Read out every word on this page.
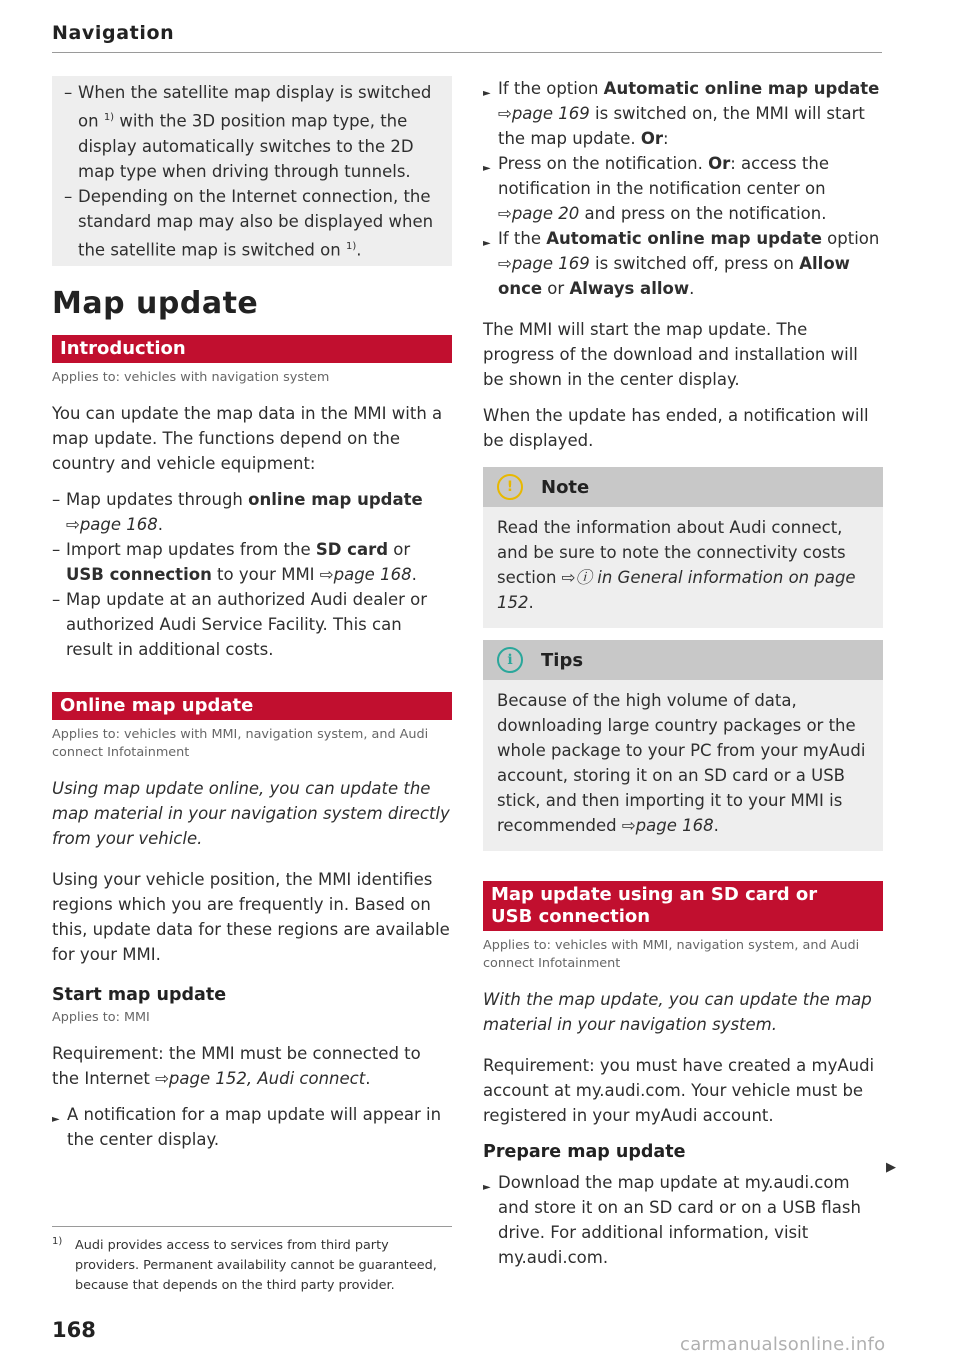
Navigation

– When the satellite map display is switched on $^{1)}$ with the 3D position map type, the display automatically switches to the 2D map type when driving through tunnels.

– Depending on the Internet connection, the standard map may also be displayed when the satellite map is switched on $^{1)}$.

Map update
Introduction
Applies to: vehicles with navigation system

You can update the map data in the MMI with a map update. The functions depend on the country and vehicle equipment:

– Map updates through online map update ⇨page 168.

– Import map updates from the SD card or USB connection to your MMI ⇨page 168.

– Map update at an authorized Audi dealer or authorized Audi Service Facility. This can result in additional costs.

Online map update
Applies to: vehicles with MMI, navigation system, and Audi connect Infotainment

Using map update online, you can update the map material in your navigation system directly from your vehicle.

Using your vehicle position, the MMI identifies regions which you are frequently in. Based on this, update data for these regions are available for your MMI.

Start map update
Applies to: MMI

Requirement: the MMI must be connected to the Internet ⇨page 152, Audi connect.

► A notification for a map update will appear in the center display.

► If the option Automatic online map update ⇨page 169 is switched on, the MMI will start the map update. Or:

► Press on the notification. Or: access the notification in the notification center on ⇨page 20 and press on the notification.

► If the Automatic online map update option ⇨page 169 is switched off, press on Allow once or Always allow.

The MMI will start the map update. The progress of the download and installation will be shown in the center display.

When the update has ended, a notification will be displayed.

!	Note

Read the information about Audi connect, and be sure to note the connectivity costs section ⇨ⓘ in General information on page 152.

i	Tips

Because of the high volume of data, downloading large country packages or the whole package to your PC from your myAudi account, storing it on an SD card or a USB stick, and then importing it to your MMI is recommended ⇨page 168.

Map update using an SD card or USB connection
Applies to: vehicles with MMI, navigation system, and Audi connect Infotainment

With the map update, you can update the map material in your navigation system.

Requirement: you must have created a myAudi account at my.audi.com. Your vehicle must be registered in your myAudi account.

Prepare map update

► Download the map update at my.audi.com and store it on an SD card or on a USB flash drive. For additional information, visit my.audi.com.

▶
1) Audi provides access to services from third party providers. Permanent availability cannot be guaranteed, because that depends on the third party provider.
168
carmanualsonline.info
